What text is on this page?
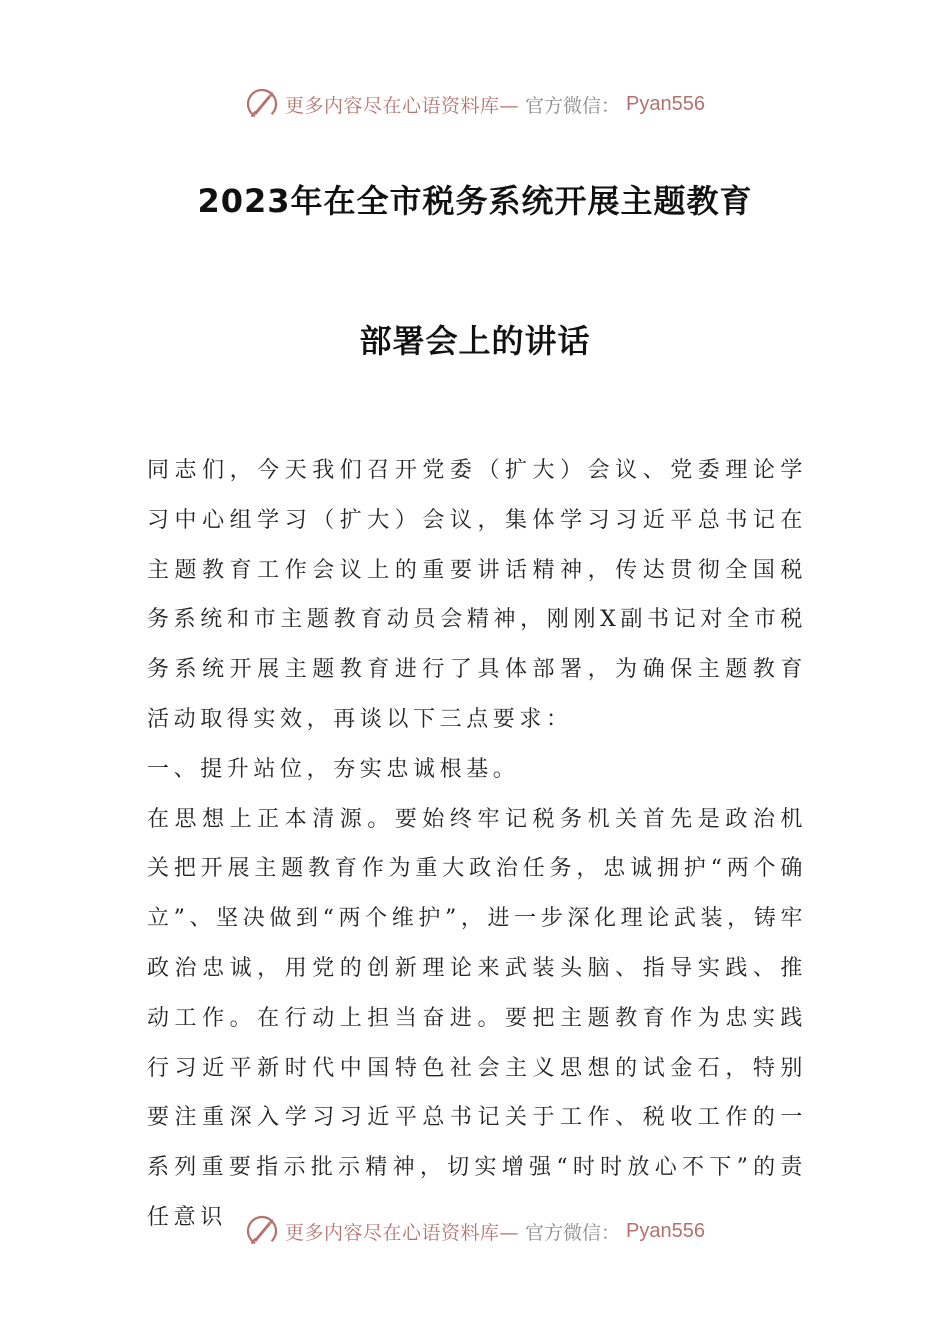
更多内容尽在心语资料库— 官方微信： Pyan556
2023年在全市税务系统开展主题教育
部署会上的讲话

同志们，今天我们召开党委（扩大）会议、党委理论学习中心组学习（扩大）会议，集体学习习近平总书记在主题教育工作会议上的重要讲话精神，传达贯彻全国税务系统和市主题教育动员会精神，刚刚X副书记对全市税务系统开展主题教育进行了具体部署，为确保主题教育活动取得实效，再谈以下三点要求：

一、提升站位，夯实忠诚根基。

在思想上正本清源。要始终牢记税务机关首先是政治机关把开展主题教育作为重大政治任务，忠诚拥护“两个确立”、坚决做到“两个维护”，进一步深化理论武装，铸牢政治忠诚，用党的创新理论来武装头脑、指导实践、推动工作。在行动上担当奋进。要把主题教育作为忠实践行习近平新时代中国特色社会主义思想的试金石，特别要注重深入学习习近平总书记关于工作、税收工作的一系列重要指示批示精神，切实增强“时时放心不下”的责任意识

更多内容尽在心语资料库— 官方微信： Pyan556
